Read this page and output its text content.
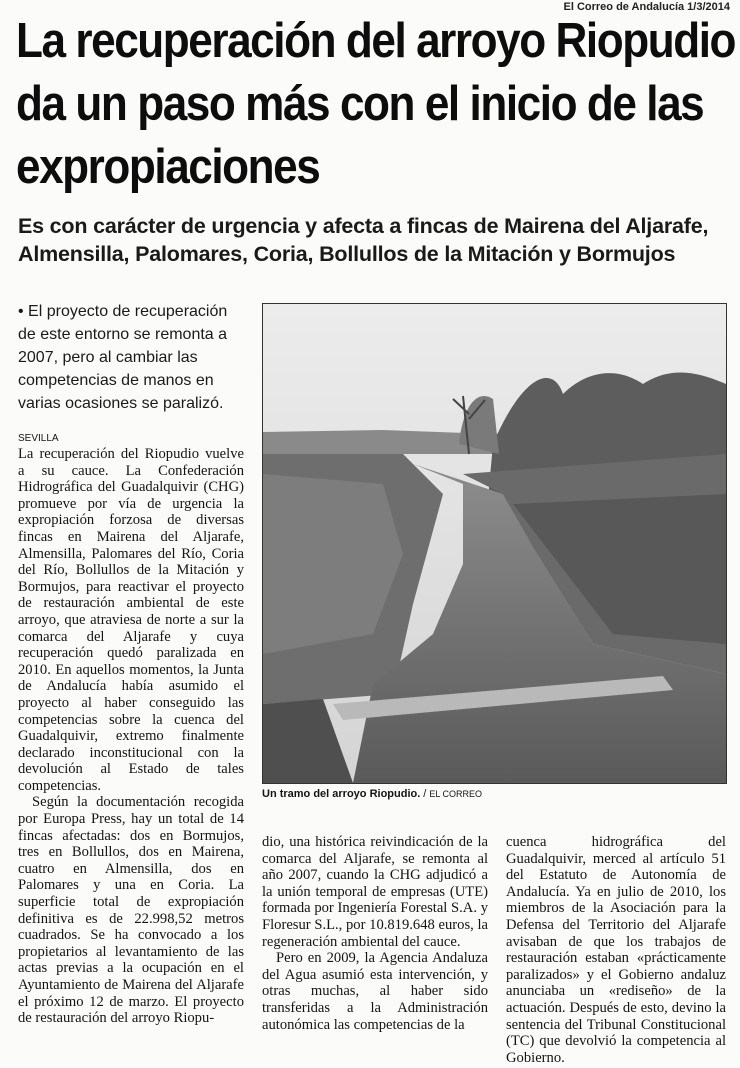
El Correo de Andalucía 1/3/2014
La recuperación del arroyo Riopudio da un paso más con el inicio de las expropiaciones
Es con carácter de urgencia y afecta a fincas de Mairena del Aljarafe, Almensilla, Palomares, Coria, Bollullos de la Mitación y Bormujos

• El proyecto de recuperación de este entorno se remonta a 2007, pero al cambiar las competencias de manos en varias ocasiones se paralizó.

SEVILLA

La recuperación del Riopudio vuelve a su cauce. La Confederación Hidrográfica del Guadalquivir (CHG) promueve por vía de urgencia la expropiación forzosa de diversas fincas en Mairena del Aljarafe, Almensilla, Palomares del Río, Coria del Río, Bollullos de la Mitación y Bormujos, para reactivar el proyecto de restauración ambiental de este arroyo, que atraviesa de norte a sur la comarca del Aljarafe y cuya recuperación quedó paralizada en 2010. En aquellos momentos, la Junta de Andalucía había asumido el proyecto al haber conseguido las competencias sobre la cuenca del Guadalquivir, extremo finalmente declarado inconstitucional con la devolución al Estado de tales competencias.

Según la documentación recogida por Europa Press, hay un total de 14 fincas afectadas: dos en Bormujos, tres en Bollullos, dos en Mairena, cuatro en Almensilla, dos en Palomares y una en Coria. La superficie total de expropiación definitiva es de 22.998,52 metros cuadrados. Se ha convocado a los propietarios al levantamiento de las actas previas a la ocupación en el Ayuntamiento de Mairena del Aljarafe el próximo 12 de marzo. El proyecto de restauración del arroyo Riopu-

Un tramo del arroyo Riopudio. / EL CORREO

dio, una histórica reivindicación de la comarca del Aljarafe, se remonta al año 2007, cuando la CHG adjudicó a la unión temporal de empresas (UTE) formada por Ingeniería Forestal S.A. y Floresur S.L., por 10.819.648 euros, la regeneración ambiental del cauce.

Pero en 2009, la Agencia Andaluza del Agua asumió esta intervención, y otras muchas, al haber sido transferidas a la Administración autonómica las competencias de la

cuenca hidrográfica del Guadalquivir, merced al artículo 51 del Estatuto de Autonomía de Andalucía. Ya en julio de 2010, los miembros de la Asociación para la Defensa del Territorio del Aljarafe avisaban de que los trabajos de restauración estaban «prácticamente paralizados» y el Gobierno andaluz anunciaba un «rediseño» de la actuación. Después de esto, devino la sentencia del Tribunal Constitucional (TC) que devolvió la competencia al Gobierno.
